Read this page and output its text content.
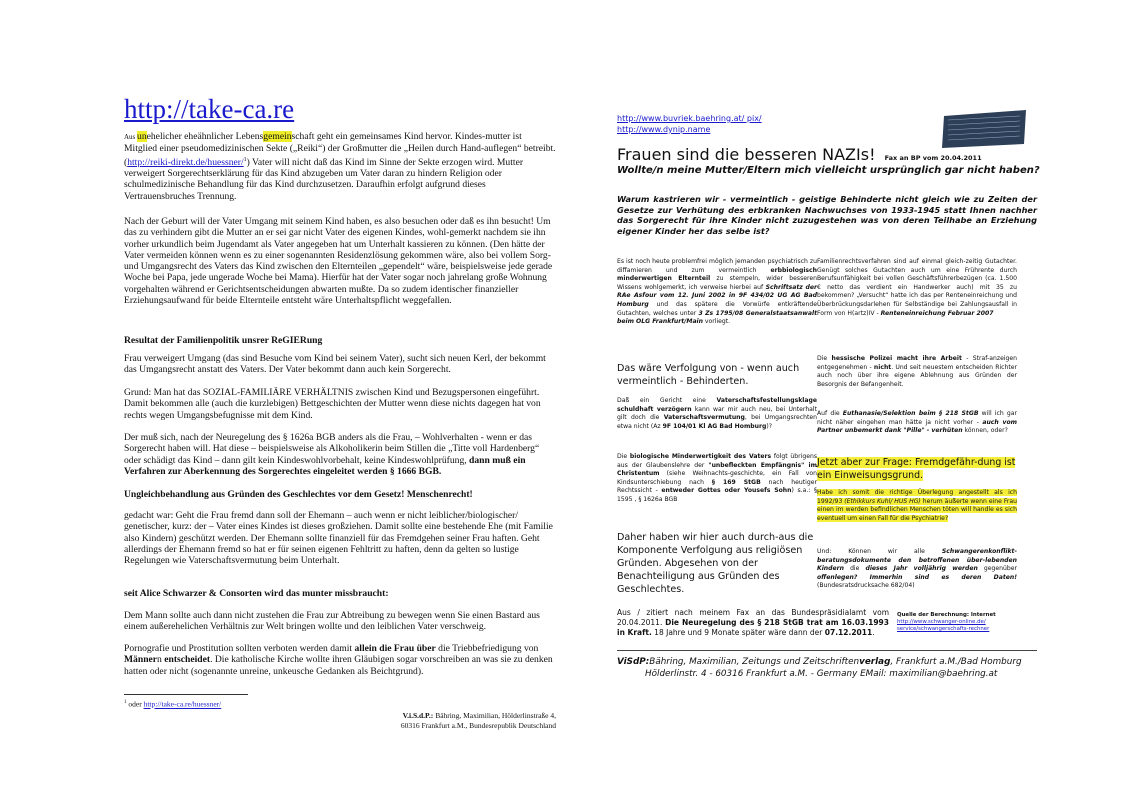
http://take-ca.re
Aus unehelicher eheähnlicher Lebensgemeinschaft geht ein gemeinsames Kind hervor. Kindes-mutter ist Mitglied einer pseudomedizinischen Sekte („Reiki“) der Großmutter die „Heilen durch Hand-auflegen“ betreibt. (http://reiki-direkt.de/huessner/$^1$) Vater will nicht daß das Kind im Sinne der Sekte erzogen wird. Mutter verweigert Sorgerechtserklärung für das Kind abzugeben um Vater daran zu hindern Religion oder schulmedizinische Behandlung für das Kind durchzusetzen. Daraufhin erfolgt aufgrund dieses Vertrauensbruches Trennung.

Nach der Geburt will der Vater Umgang mit seinem Kind haben, es also besuchen oder daß es ihn besucht! Um das zu verhindern gibt die Mutter an er sei gar nicht Vater des eigenen Kindes, wohl-gemerkt nachdem sie ihn vorher urkundlich beim Jugendamt als Vater angegeben hat um Unterhalt kassieren zu können. (Den hätte der Vater vermeiden können wenn es zu einer sogenannten Residenzlösung gekommen wäre, also bei vollem Sorg- und Umgangsrecht des Vaters das Kind zwischen den Elternteilen „gependelt“ wäre, beispielsweise jede gerade Woche bei Papa, jede ungerade Woche bei Mama). Hierfür hat der Vater sogar noch jahrelang große Wohnung vorgehalten während er Gerichtsentscheidungen abwarten mußte. Da so zudem identischer finanzieller Erziehungsaufwand für beide Elternteile entsteht wäre Unterhaltspflicht weggefallen.

Resultat der Familienpolitik unsrer ReGIERung

Frau verweigert Umgang (das sind Besuche vom Kind bei seinem Vater), sucht sich neuen Kerl, der bekommt das Umgangsrecht anstatt des Vaters. Der Vater bekommt dann auch kein Sorgerecht.

Grund: Man hat das SOZIAL-FAMILIÄRE VERHÄLTNIS zwischen Kind und Bezugspersonen eingeführt. Damit bekommen alle (auch die kurzlebigen) Bettgeschichten der Mutter wenn diese nichts dagegen hat von rechts wegen Umgangsbefugnisse mit dem Kind.

Der muß sich, nach der Neuregelung des § 1626a BGB anders als die Frau, – Wohlverhalten - wenn er das Sorgerecht haben will. Hat diese – beispielsweise als Alkoholikerin beim Stillen die „Titte voll Hardenberg“ oder schädigt das Kind – dann gilt kein Kindeswohlvorbehalt, keine Kindeswohlprüfung, dann muß ein Verfahren zur Aberkennung des Sorgerechtes eingeleitet werden § 1666 BGB.

Ungleichbehandlung aus Gründen des Geschlechtes vor dem Gesetz! Menschenrecht!

gedacht war: Geht die Frau fremd dann soll der Ehemann – auch wenn er nicht leiblicher/biologischer/ genetischer, kurz: der – Vater eines Kindes ist dieses großziehen. Damit sollte eine bestehende Ehe (mit Familie also Kindern) geschützt werden. Der Ehemann sollte finanziell für das Fremdgehen seiner Frau haften. Geht allerdings der Ehemann fremd so hat er für seinen eigenen Fehltritt zu haften, denn da gelten so lustige Regelungen wie Vaterschaftsvermutung beim Unterhalt.

seit Alice Schwarzer & Consorten wird das munter missbraucht:

Dem Mann sollte auch dann nicht zustehen die Frau zur Abtreibung zu bewegen wenn Sie einen Bastard aus einem außerehelichen Verhältnis zur Welt bringen wollte und den leiblichen Vater verschweig.

Pornografie und Prostitution sollten verboten werden damit allein die Frau über die Triebbefriedigung von Männern entscheidet. Die katholische Kirche wollte ihren Gläubigen sogar vorschreiben an was sie zu denken hatten oder nicht (sogenannte unreine, unkeusche Gedanken als Beichtgrund).

$^1$ oder http://take-ca.re/huessner/

V.i.S.d.P.: Bähring, Maximilian, Hölderlinstraße 4,
60316 Frankfurt a.M., Bundesrepublik Deutschland
http://www.buvriek.baehring.at/ pix/
http://www.dynip.name
Frauen sind die besseren NAZIs! Fax an BP vom 20.04.2011
Wollte/n meine Mutter/Eltern mich vielleicht ursprünglich gar nicht haben?
Warum kastrieren wir - vermeintlich - geistige Behinderte nicht gleich wie zu Zeiten der Gesetze zur Verhütung des erbkranken Nachwuchses von 1933-1945 statt Ihnen nachher das Sorgerecht für ihre Kinder nicht zuzugestehen was von deren Teilhabe an Erziehung eigener Kinder her das selbe ist?
Es ist noch heute problemfrei möglich jemanden psychiatrisch zu diffamieren und zum vermeintlich erbbiologisch minderwertigen Elternteil zu stempeln, wider besseren Wissens wohlgemerkt, ich verweise hierbei auf Schriftsatz der RAe Asfour vom 12. Juni 2002 in 9F 434/02 UG AG Bad Homburg und das spätere die Vorwürfe entkräftende Gutachten, welches unter 3 Zs 1795/08 Generalstaatsanwalt beim OLG Frankfurt/Main vorliegt.
Das wäre Verfolgung von - wenn auch vermeintlich - Behinderten.
Daß ein Gericht eine Vaterschaftsfestellungsklage schuldhaft verzögern kann war mir auch neu, bei Unterhalt gilt doch die Vaterschaftsvermutung, bei Umgangsrechten etwa nicht (Az 9F 104/01 Kl AG Bad Homburg)?
Die biologische Minderwertigkeit des Vaters folgt übrigens aus der Glaubenslehre der "unbefleckten Empfängnis" im Christentum (siehe Weihnachts-geschichte, ein Fall von Kindsunterschiebung nach § 169 StGB nach heutiger Rechtssicht - entweder Gottes oder Yousefs Sohn) s.a.: § 1595 , § 1626a BGB
Daher haben wir hier auch durch-aus die Komponente Verfolgung aus religiösen Gründen. Abgesehen von der Benachteiligung aus Gründen des Geschlechtes.
Familienrechtsverfahren sind auf einmal gleich-zeitig Gutachter. Genügt solches Gutachten auch um eine Frührente durch Berufsunfähigkeit bei vollen Geschäftsführerbezügen (ca. 1.500 € netto das verdient ein Handwerker auch) mit 35 zu bekommen? „Versucht“ hatte ich das per Renteneinreichung und Überbrückungsdarlehen für Selbständige bei Zahlungsausfall in Form von H(artz)IV - Renteneinreichung Februar 2007
Die hessische Polizei macht ihre Arbeit - Straf-anzeigen entgegenehmen - nicht. Und seit neuestem entscheiden Richter auch noch über ihre eigene Ablehnung aus Gründen der Besorgnis der Befangenheit.
Auf die Euthanasie/Selektion beim § 218 StGB will ich gar nicht näher eingehen man hätte ja nicht vorher - auch vom Partner unbemerkt dank "Pille" - verhüten können, oder?
Jetzt aber zur Frage: Fremdgefähr-dung ist ein Einweisungsgrund.
Habe ich somit die richtige Überlegung angestellt als ich 1992/93 (Ethikkurs Kuhl/ HUS HG) herum äußerte wenn eine Frau einen im werden befindlichen Menschen töten will handle es sich eventuell um einen Fall für die Psychiatrie?
Und: Können wir alle Schwangerenkonflikt-beratungsdokumente den betroffenen über-lebenden Kindern die dieses Jahr volljährig werden gegenüber offenlegen? Immerhin sind es deren Daten! (Bundesratsdrucksache 682/04)
Aus / zitiert nach meinem Fax an das Bundespräsidialamt vom 20.04.2011. Die Neuregelung des § 218 StGB trat am 16.03.1993 in Kraft. 18 Jahre und 9 Monate später wäre dann der 07.12.2011.
Quelle der Berechnung: Internet
http://www.schwanger-online.de/ service/schwangerschafts-rechner
ViSdP:Bähring, Maximilian, Zeitungs und Zeitschriftenverlag, Frankfurt a.M./Bad Homburg
Hölderlinstr. 4 - 60316 Frankfurt a.M. - Germany EMail: maximilian@baehring.at
